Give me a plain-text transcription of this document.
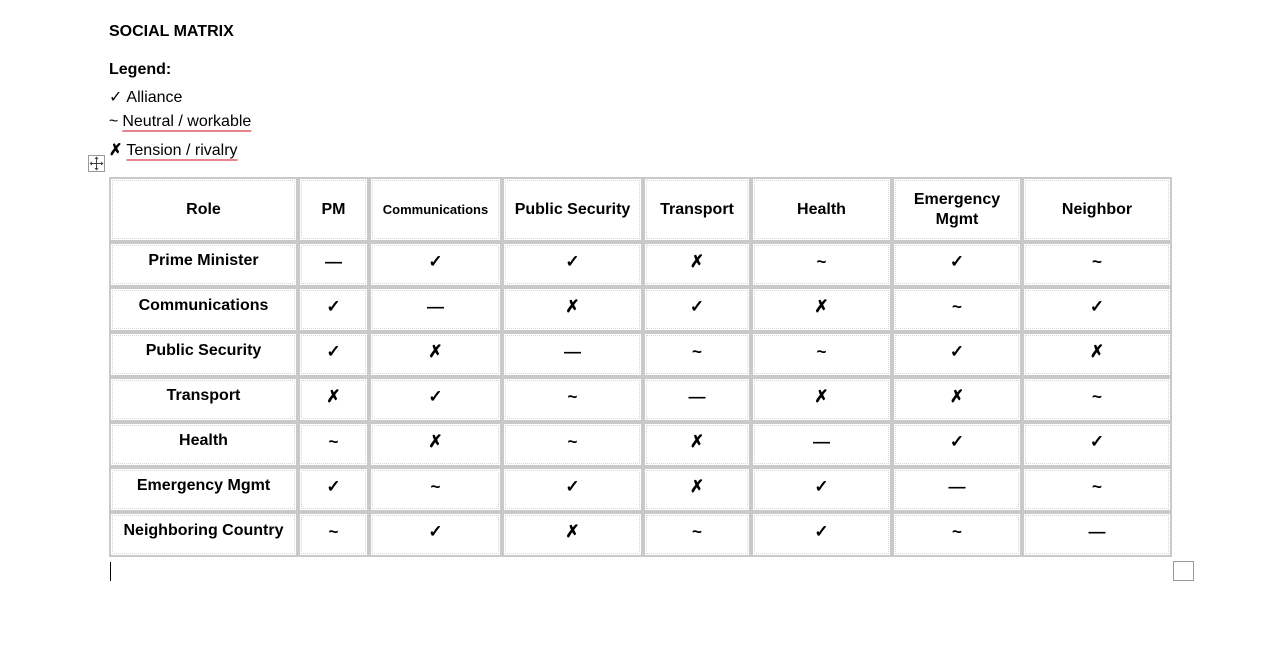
SOCIAL MATRIX
Legend:
✓ Alliance
~ Neutral / workable
✗ Tension / rivalry
Role	PM	Communications	Public Security	Transport	Health	Emergency Mgmt	Neighbor
Prime Minister	—	✓	✓	✗	~	✓	~
Communications	✓	—	✗	✓	✗	~	✓
Public Security	✓	✗	—	~	~	✓	✗
Transport	✗	✓	~	—	✗	✗	~
Health	~	✗	~	✗	—	✓	✓
Emergency Mgmt	✓	~	✓	✗	✓	—	~
Neighboring Country	~	✓	✗	~	✓	~	—
